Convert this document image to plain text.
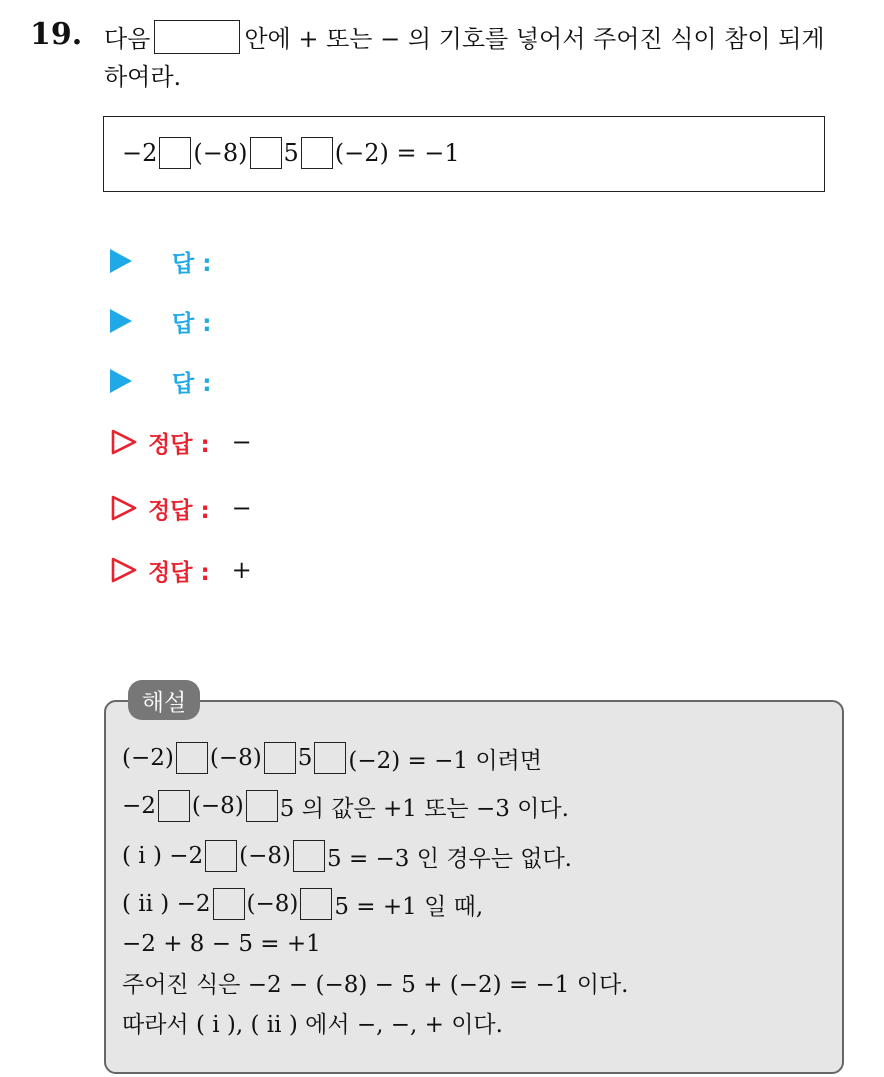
19. 다음	안에 + 또는 − 의 기호를 넣어서 주어진 식이 참이 되게
하여라.
−2 (−8) 5 (−2) = −1
답 :
답 :
답 :
정답 : −
정답 : −
정답 : +
해설
(−2) (−8) 5 (−2) = −1 이려면
−2 (−8) 5 의 값은 +1 또는 −3 이다.
( i ) −2 (−8) 5 = −3 인 경우는 없다.
( ii ) −2 (−8) 5 = +1 일 때,
−2 + 8 − 5 = +1
주어진 식은 −2 − (−8) − 5 + (−2) = −1 이다.
따라서 ( i ), ( ii ) 에서 −, −, + 이다.
